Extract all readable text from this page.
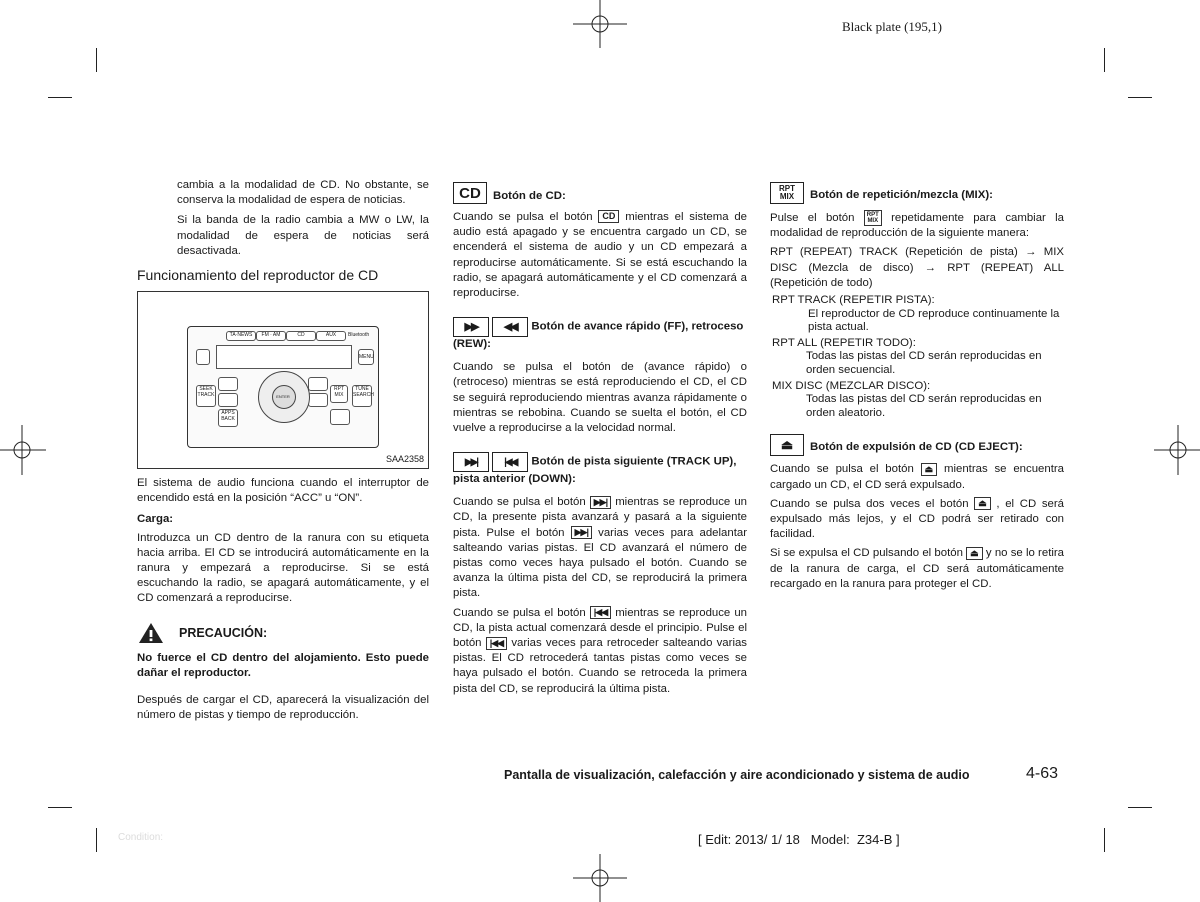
Black plate (195,1)

cambia a la modalidad de CD. No obstante, se conserva la modalidad de espera de noticias.

Si la banda de la radio cambia a MW o LW, la modalidad de espera de noticias será desactivada.

Funcionamiento del reproductor de CD
TA·NEWS	FM · AM	CD	AUX	Bluetooth
MENU
SEEK TRACK
APPS BACK
RPT MIX
TUNE SEARCH
ENTER
SAA2358

El sistema de audio funciona cuando el interruptor de encendido está en la posición “ACC” u “ON”.

Carga:

Introduzca un CD dentro de la ranura con su etiqueta hacia arriba. El CD se introducirá automáticamente en la ranura y empezará a reproducirse. Si se está escuchando la radio, se apagará automáticamente, y el CD comenzará a reproducirse.

PRECAUCIÓN:

No fuerce el CD dentro del alojamiento. Esto puede dañar el reproductor.

Después de cargar el CD, aparecerá la visualización del número de pistas y tiempo de reproducción.

CD	Botón de CD:

Cuando se pulsa el botón CD mientras el sistema de audio está apagado y se encuentra cargado un CD, se encenderá el sistema de audio y un CD empezará a reproducirse automáticamente. Si se está escuchando la radio, se apagará automáticamente y el CD comenzará a reproducirse.

▶▶ ◀◀ Botón de avance rápido (FF), retroceso (REW):

Cuando se pulsa el botón de (avance rápido) o (retroceso) mientras se está reproduciendo el CD, el CD se seguirá reproduciendo mientras avanza rápidamente o mientras se rebobina. Cuando se suelta el botón, el CD vuelve a reproducirse a la velocidad normal.

▶▶|	|◀◀ Botón de pista siguiente (TRACK UP), pista anterior (DOWN):

Cuando se pulsa el botón ▶▶| mientras se reproduce un CD, la presente pista avanzará y pasará a la siguiente pista. Pulse el botón ▶▶| varias veces para adelantar salteando varias pistas. El CD avanzará el número de pistas como veces haya pulsado el botón. Cuando se avanza la última pista del CD, se reproducirá la primera pista.

Cuando se pulsa el botón |◀◀ mientras se reproduce un CD, la pista actual comenzará desde el principio. Pulse el botón |◀◀ varias veces para retroceder salteando varias pistas. El CD retrocederá tantas pistas como veces se haya pulsado el botón. Cuando se retroceda la primera pista del CD, se reproducirá la última pista.

RPT
MIX Botón de repetición/mezcla (MIX):

Pulse el botón RPT
MIX repetidamente para cambiar la modalidad de reproducción de la siguiente manera:

RPT (REPEAT) TRACK (Repetición de pista) → MIX DISC (Mezcla de disco) → RPT (REPEAT) ALL (Repetición de todo)

RPT TRACK (REPETIR PISTA):
El reproductor de CD reproduce continuamente la pista actual.
RPT ALL (REPETIR TODO):
Todas las pistas del CD serán reproducidas en orden secuencial.
MIX DISC (MEZCLAR DISCO):
Todas las pistas del CD serán reproducidas en orden aleatorio.
⏏	Botón de expulsión de CD (CD EJECT):

Cuando se pulsa el botón ⏏ mientras se encuentra cargado un CD, el CD será expulsado.

Cuando se pulsa dos veces el botón ⏏ , el CD será expulsado más lejos, y el CD podrá ser retirado con facilidad.

Si se expulsa el CD pulsando el botón ⏏ y no se lo retira de la ranura de carga, el CD será automáticamente recargado en la ranura para proteger el CD.

Pantalla de visualización, calefacción y aire acondicionado y sistema de audio	4-63
Condition:	[ Edit: 2013/ 1/ 18   Model:  Z34-B ]
